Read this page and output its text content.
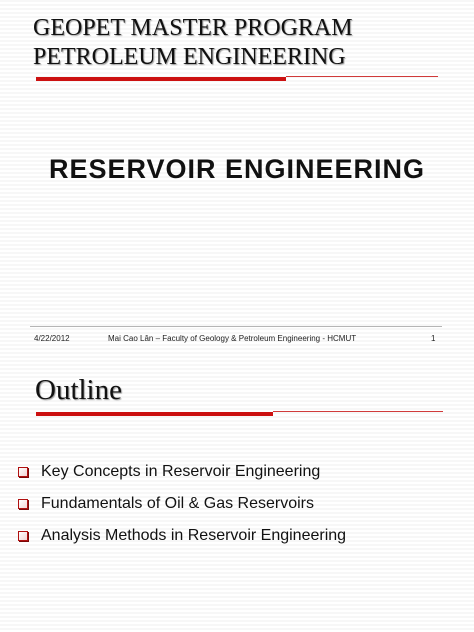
GEOPET MASTER PROGRAM
PETROLEUM ENGINEERING
RESERVOIR ENGINEERING
4/22/2012	Mai Cao Lân – Faculty of Geology & Petroleum Engineering - HCMUT	1
Outline
Key Concepts in Reservoir Engineering
Fundamentals of Oil & Gas Reservoirs
Analysis Methods in Reservoir Engineering
